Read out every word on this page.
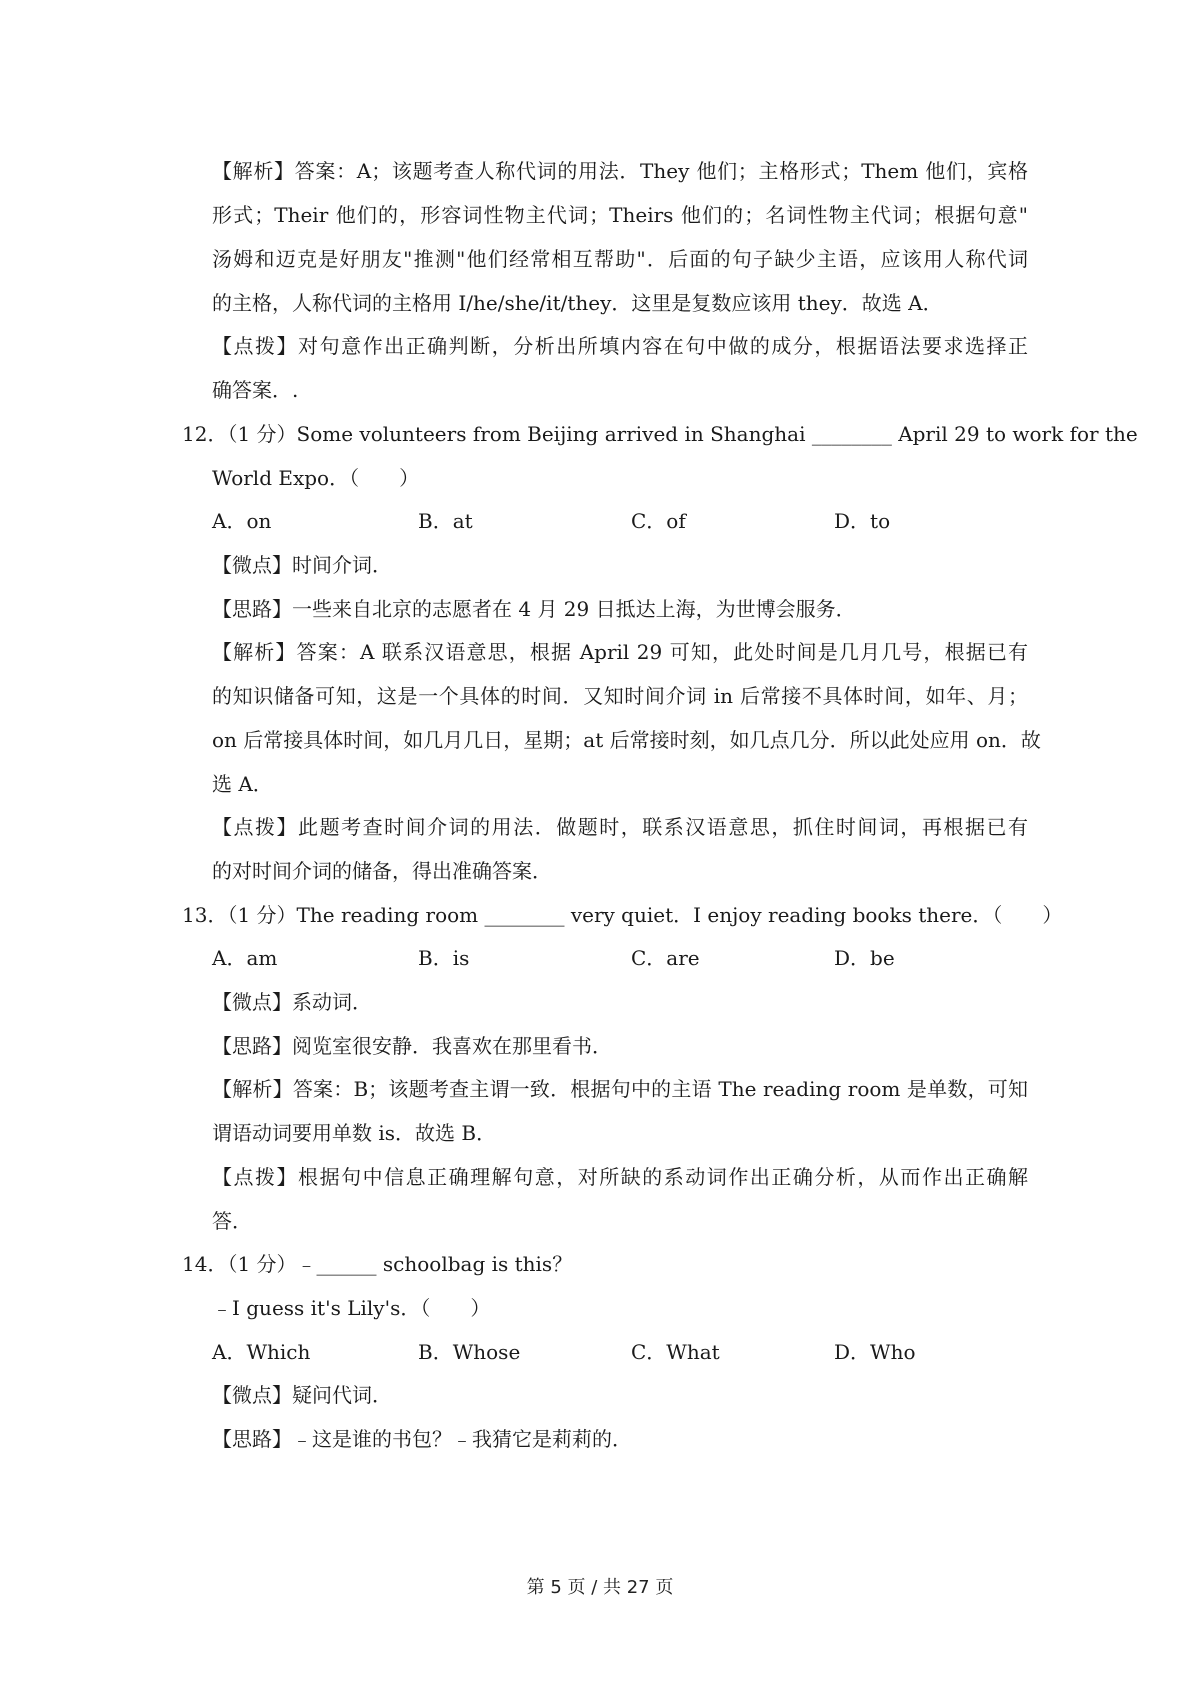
【解析】答案：A；该题考查人称代词的用法．They 他们；主格形式；Them 他们，宾格
形式；Their 他们的，形容词性物主代词；Theirs 他们的；名词性物主代词；根据句意"
汤姆和迈克是好朋友"推测"他们经常相互帮助"．后面的句子缺少主语，应该用人称代词
的主格，人称代词的主格用 I/he/she/it/they．这里是复数应该用 they．故选 A．
【点拨】对句意作出正确判断，分析出所填内容在句中做的成分，根据语法要求选择正
确答案．.
12．（1 分）Some volunteers from Beijing arrived in Shanghai ________ April 29 to work for the
World Expo．（　　）
A．on	B．at	C．of	D．to
【微点】时间介词．
【思路】一些来自北京的志愿者在 4 月 29 日抵达上海，为世博会服务．
【解析】答案：A 联系汉语意思，根据 April 29 可知，此处时间是几月几号，根据已有
的知识储备可知，这是一个具体的时间．又知时间介词 in 后常接不具体时间，如年、月；
on 后常接具体时间，如几月几日，星期；at 后常接时刻，如几点几分．所以此处应用 on．故
选 A．
【点拨】此题考查时间介词的用法．做题时，联系汉语意思，抓住时间词，再根据已有
的对时间介词的储备，得出准确答案．
13．（1 分）The reading room ________ very quiet．I enjoy reading books there．（　　）
A．am	B．is	C．are	D．be
【微点】系动词．
【思路】阅览室很安静．我喜欢在那里看书．
【解析】答案：B；该题考查主谓一致．根据句中的主语 The reading room 是单数，可知
谓语动词要用单数 is．故选 B．
【点拨】根据句中信息正确理解句意，对所缺的系动词作出正确分析，从而作出正确解
答．
14．（1 分）﹣______ schoolbag is this？
﹣I guess it's Lily's．（　　）
A．Which	B．Whose	C．What	D．Who
【微点】疑问代词．
【思路】﹣这是谁的书包？﹣我猜它是莉莉的．
第 5 页 / 共 27 页
